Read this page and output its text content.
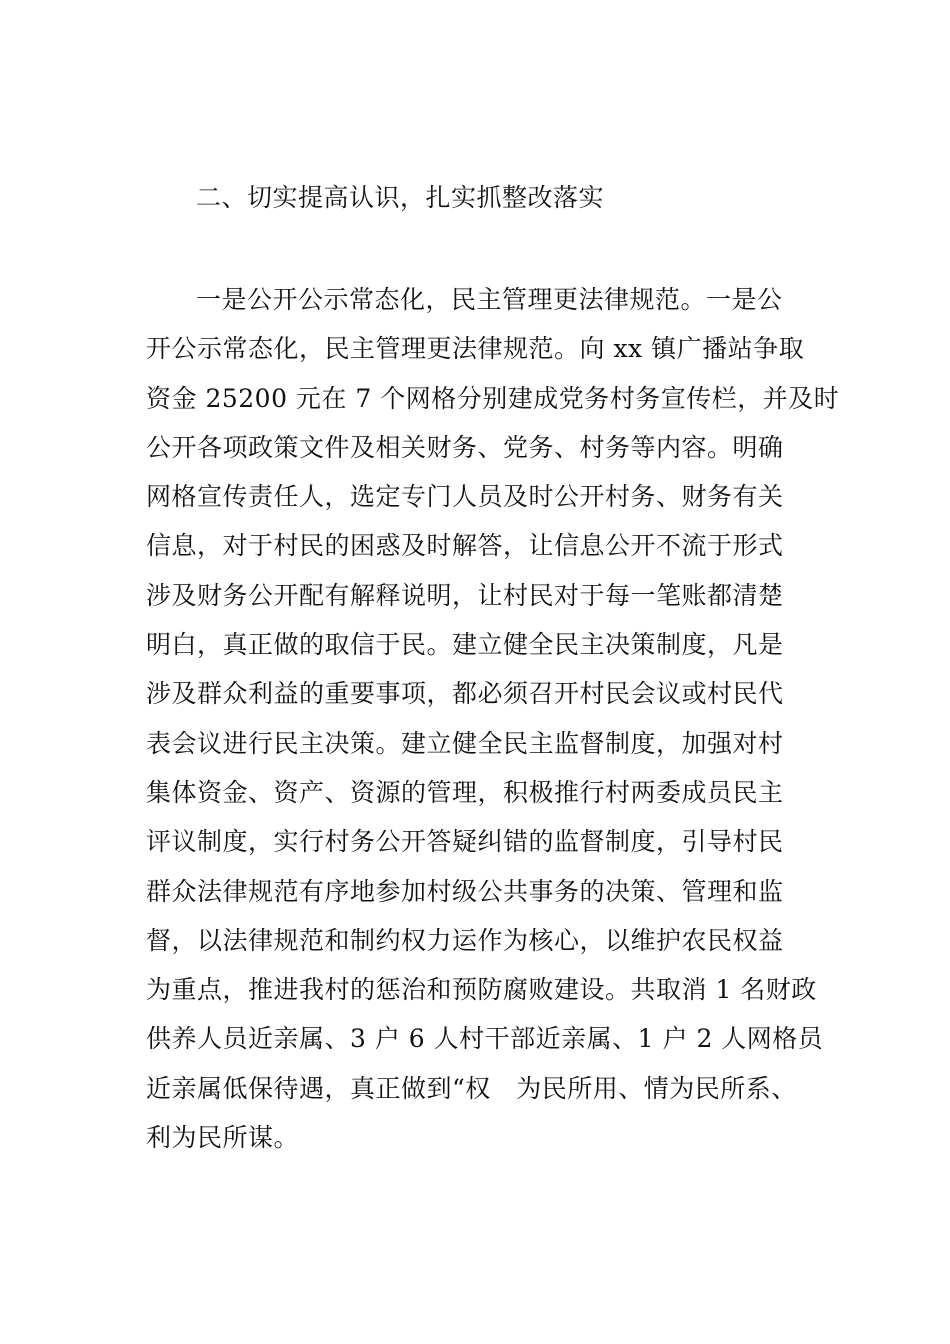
二、切实提高认识，扎实抓整改落实
一是公开公示常态化，民主管理更法律规范。一是公
开公示常态化，民主管理更法律规范。向 xx 镇广播站争取
资金 25200 元在 7 个网格分别建成党务村务宣传栏，并及时
公开各项政策文件及相关财务、党务、村务等内容。明确
网格宣传责任人，选定专门人员及时公开村务、财务有关
信息，对于村民的困惑及时解答，让信息公开不流于形式
涉及财务公开配有解释说明，让村民对于每一笔账都清楚
明白，真正做的取信于民。建立健全民主决策制度，凡是
涉及群众利益的重要事项，都必须召开村民会议或村民代
表会议进行民主决策。建立健全民主监督制度，加强对村
集体资金、资产、资源的管理，积极推行村两委成员民主
评议制度，实行村务公开答疑纠错的监督制度，引导村民
群众法律规范有序地参加村级公共事务的决策、管理和监
督，以法律规范和制约权力运作为核心，以维护农民权益
为重点，推进我村的惩治和预防腐败建设。共取消 1 名财政
供养人员近亲属、3 户 6 人村干部近亲属、1 户 2 人网格员
近亲属低保待遇，真正做到“权　为民所用、情为民所系、
利为民所谋。
